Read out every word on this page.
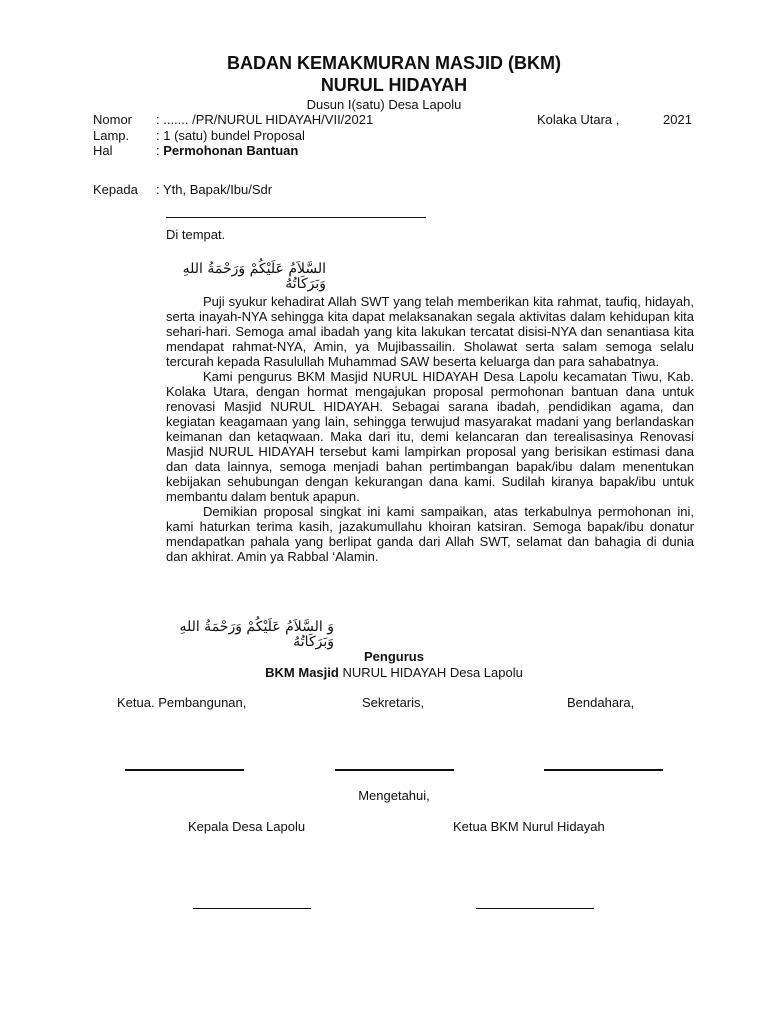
BADAN KEMAKMURAN MASJID (BKM)
NURUL HIDAYAH
Dusun I(satu) Desa Lapolu
Nomor : ....... /PR/NURUL HIDAYAH/VII/2021	Kolaka Utara ,	2021
Lamp. : 1 (satu) bundel Proposal
Hal	: Permohonan Bantuan
Kepada : Yth, Bapak/Ibu/Sdr
Di tempat.
السَّلاَمُ عَلَيْكُمْ وَرَحْمَةُ اللهِ وَبَرَكَاتُهُ

Puji syukur kehadirat Allah SWT yang telah memberikan kita rahmat, taufiq, hidayah, serta inayah-NYA sehingga kita dapat melaksanakan segala aktivitas dalam kehidupan kita sehari-hari. Semoga amal ibadah yang kita lakukan tercatat disisi-NYA dan senantiasa kita mendapat rahmat-NYA, Amin, ya Mujibassailin. Sholawat serta salam semoga selalu tercurah kepada Rasulullah Muhammad SAW beserta keluarga dan para sahabatnya.

Kami pengurus BKM Masjid NURUL HIDAYAH Desa Lapolu kecamatan Tiwu, Kab. Kolaka Utara, dengan hormat mengajukan proposal permohonan bantuan dana untuk renovasi Masjid NURUL HIDAYAH. Sebagai sarana ibadah, pendidikan agama, dan kegiatan keagamaan yang lain, sehingga terwujud masyarakat madani yang berlandaskan keimanan dan ketaqwaan. Maka dari itu, demi kelancaran dan terealisasinya Renovasi Masjid NURUL HIDAYAH tersebut kami lampirkan proposal yang berisikan estimasi dana dan data lainnya, semoga menjadi bahan pertimbangan bapak/ibu dalam menentukan kebijakan sehubungan dengan kekurangan dana kami. Sudilah kiranya bapak/ibu untuk membantu dalam bentuk apapun.

Demikian proposal singkat ini kami sampaikan, atas terkabulnya permohonan ini, kami haturkan terima kasih, jazakumullahu khoiran katsiran. Semoga bapak/ibu donatur mendapatkan pahala yang berlipat ganda dari Allah SWT, selamat dan bahagia di dunia dan akhirat. Amin ya Rabbal ‘Alamin.

وَ السَّلاَمُ عَلَيْكُمْ وَرَحْمَةُ اللهِ وَبَرَكَاتُهُ
Pengurus
BKM Masjid NURUL HIDAYAH Desa Lapolu
Ketua. Pembangunan,	Sekretaris,	Bendahara,
Mengetahui,
Kepala Desa Lapolu	Ketua BKM Nurul Hidayah
